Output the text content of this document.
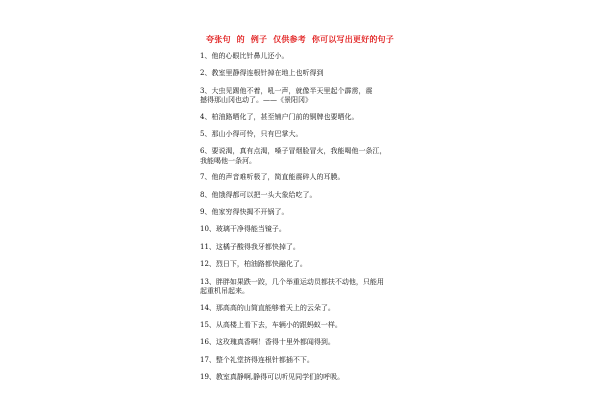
夸张句  的  例子  仅供参考  你可以写出更好的句子
1、 他的心眼比针鼻儿还小。
2、 教室里静得连根针掉在地上也听得到
3、 大虫见踢他不着，吼一声，就像半天里起个霹雳，震
撼得那山冈也动了。——《景阳冈》
4、 柏油路晒化了，甚至铺户门前的铜牌也要晒化。
5、 那山小得可怜，只有巴掌大。
6、 要说渴，真有点渴，嗓子冒烟脸冒火，我能喝他一条江，
我能喝他一条河。
7、 他的声音难听极了，简直能震碎人的耳膜。
8、 他饿得都可以把一头大象给吃了。
9、 他家穷得快揭不开锅了。
10、 玻璃干净得能当镜子。
11、 这橘子酸得我牙都快掉了。
12、 烈日下，柏油路都快融化了。
13、 胖胖如果跌一跤，几个举重运动员都扶不动他，只能用
起重机吊起来。
14、 那高高的山简直能够着天上的云朵了。
15、 从高楼上看下去，车辆小的跟蚂蚁一样。
16、 这玫瑰真香啊！香得十里外都闻得到。
17、 整个礼堂挤得连根针都插不下。
19、 教室真静啊,静得可以听见同学们的呼吸。
